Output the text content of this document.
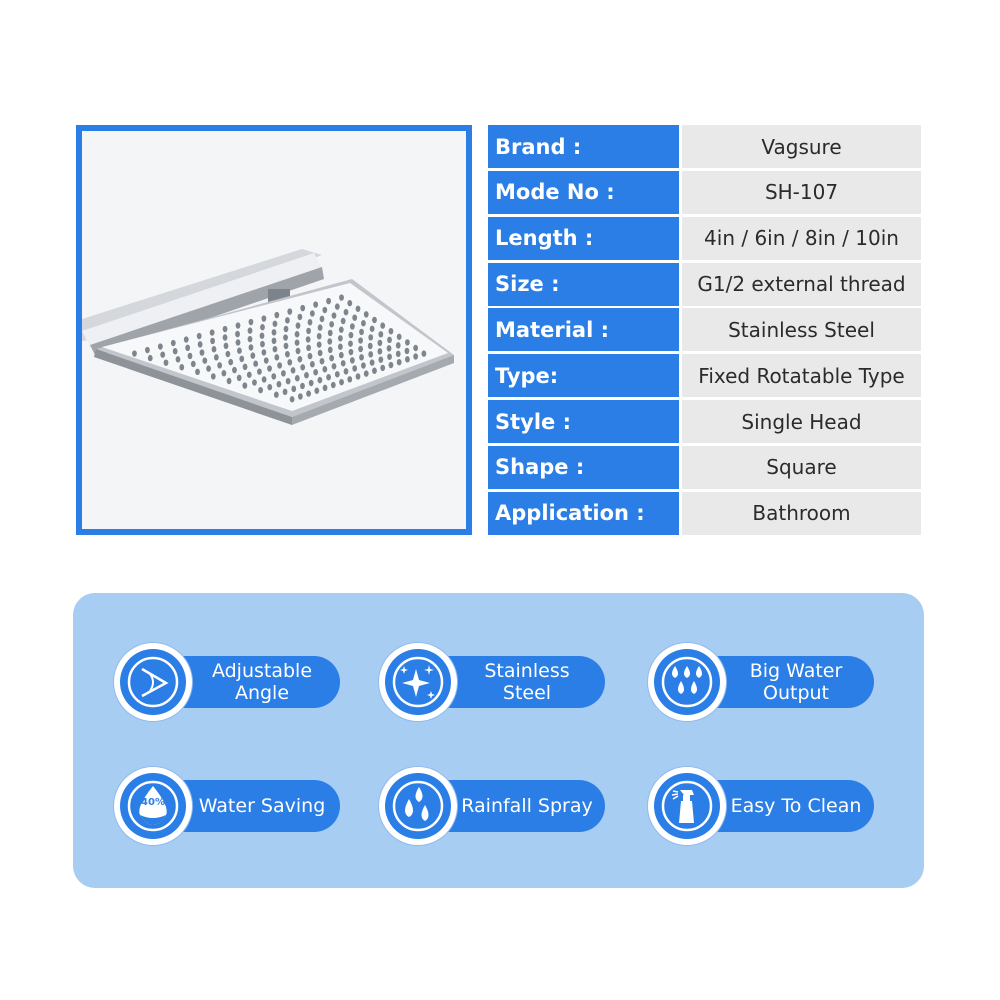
Brand :	Vagsure
Mode No :	SH-107
Length :	4in / 6in / 8in / 10in
Size :	G1/2 external thread
Material :	Stainless Steel
Type:	Fixed Rotatable Type
Style :	Single Head
Shape :	Square
Application :	Bathroom
Adjustable
Angle
Stainless
Steel
Big Water
Output
Water Saving
40%	Rainfall Spray	Easy To Clean
